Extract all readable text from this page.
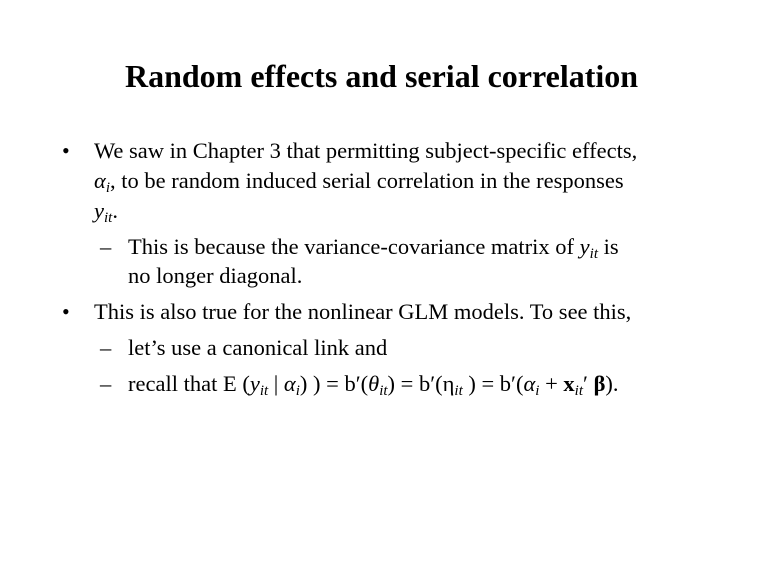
Random effects and serial correlation
• We saw in Chapter 3 that permitting subject-specific effects,
$\alpha_i$, to be random induced serial correlation in the responses
$y_{it}$.
– This is because the variance-covariance matrix of $y_{it}$ is
no longer diagonal.
• This is also true for the nonlinear GLM models. To see this,
– let’s use a canonical link and
– recall that E ($y_{it}$ | $\alpha_i$) ) = $b'(\theta_{it}) = b'(\eta_{it}$ ) = $b'(\alpha_i + x_{it}'$ β).
